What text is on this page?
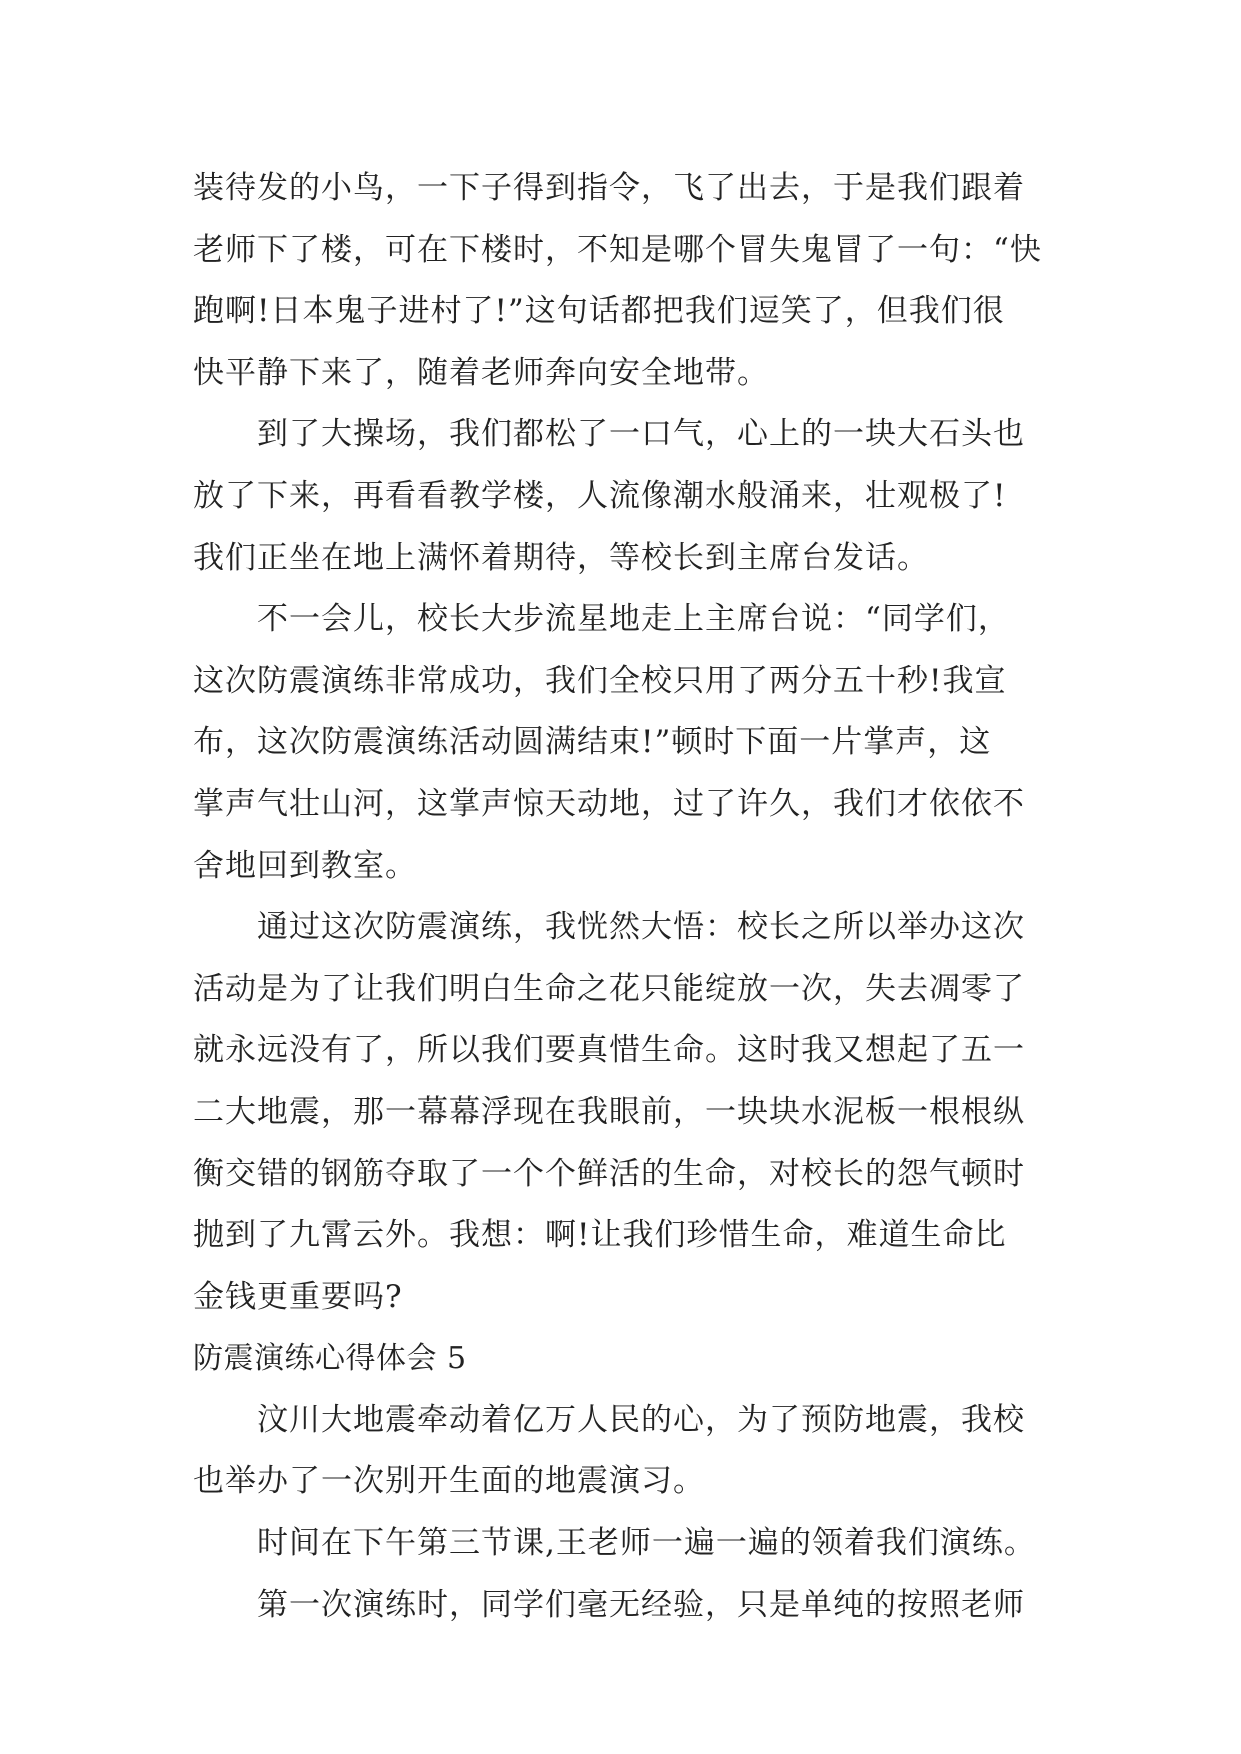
装待发的小鸟，一下子得到指令，飞了出去，于是我们跟着
老师下了楼，可在下楼时，不知是哪个冒失鬼冒了一句：“快
跑啊!日本鬼子进村了!”这句话都把我们逗笑了，但我们很
快平静下来了，随着老师奔向安全地带。
到了大操场，我们都松了一口气，心上的一块大石头也
放了下来，再看看教学楼，人流像潮水般涌来，壮观极了!
我们正坐在地上满怀着期待，等校长到主席台发话。
不一会儿，校长大步流星地走上主席台说：“同学们，
这次防震演练非常成功，我们全校只用了两分五十秒!我宣
布，这次防震演练活动圆满结束!”顿时下面一片掌声，这
掌声气壮山河，这掌声惊天动地，过了许久，我们才依依不
舍地回到教室。
通过这次防震演练，我恍然大悟：校长之所以举办这次
活动是为了让我们明白生命之花只能绽放一次，失去凋零了
就永远没有了，所以我们要真惜生命。这时我又想起了五一
二大地震，那一幕幕浮现在我眼前，一块块水泥板一根根纵
衡交错的钢筋夺取了一个个鲜活的生命，对校长的怨气顿时
抛到了九霄云外。我想：啊!让我们珍惜生命，难道生命比
金钱更重要吗?
防震演练心得体会 5
汶川大地震牵动着亿万人民的心，为了预防地震，我校
也举办了一次别开生面的地震演习。
时间在下午第三节课,王老师一遍一遍的领着我们演练。
第一次演练时，同学们毫无经验，只是单纯的按照老师
